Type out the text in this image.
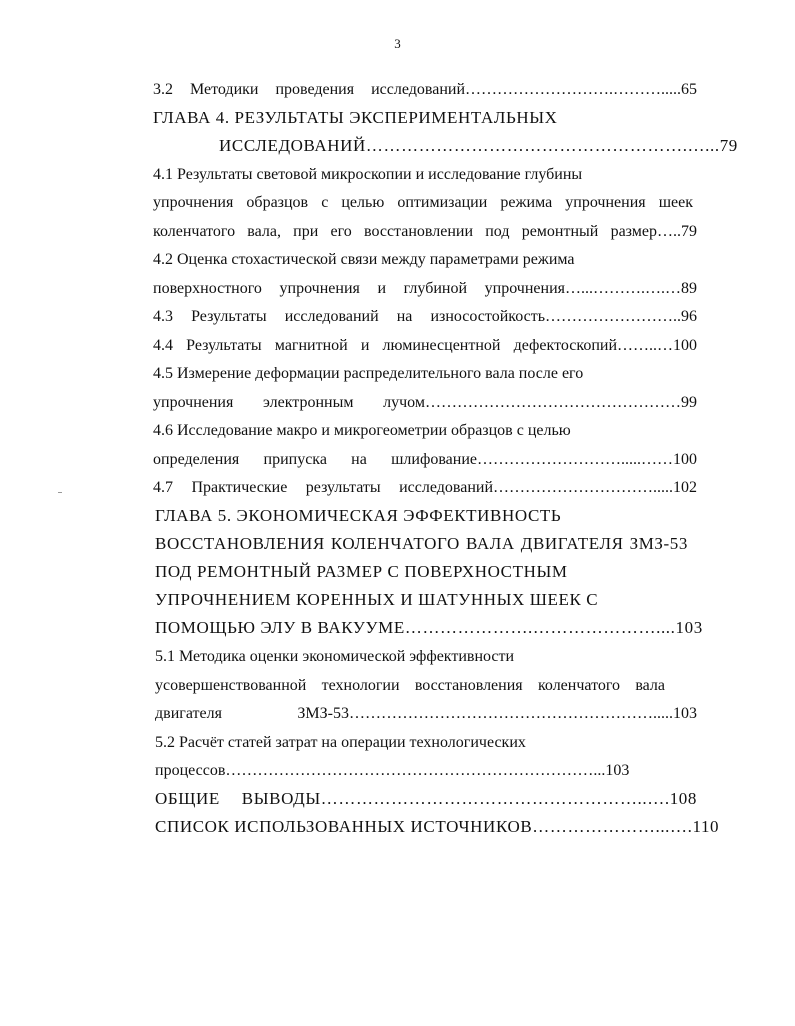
3
3.2 Методики проведения исследований……………………….……….....65
ГЛАВА 4. РЕЗУЛЬТАТЫ ЭКСПЕРИМЕНТАЛЬНЫХ
ИССЛЕДОВАНИЙ……………………………………………….…...79
4.1 Результаты световой микроскопии и исследование глубины
упрочнения образцов с целью оптимизации режима упрочнения шеек
коленчатого вала, при его восстановлении под ремонтный размер…..79
4.2 Оценка стохастической связи между параметрами режима
поверхностного упрочнения и глубиной упрочнения…...……….….…89
4.3 Результаты исследований на износостойкость……………………..96
4.4 Результаты магнитной и люминесцентной дефектоскопий……..…100
4.5 Измерение деформации распределительного вала после его
упрочнения электронным лучом…………………………………………99
4.6 Исследование макро и микрогеометрии образцов с целью
определения припуска на шлифование……………………….....……100
4.7 Практические результаты исследований………………………….....102
ГЛАВА 5. ЭКОНОМИЧЕСКАЯ ЭФФЕКТИВНОСТЬ
ВОССТАНОВЛЕНИЯ КОЛЕНЧАТОГО ВАЛА ДВИГАТЕЛЯ ЗМЗ-53
ПОД РЕМОНТНЫЙ РАЗМЕР С ПОВЕРХНОСТНЫМ
УПРОЧНЕНИЕМ КОРЕННЫХ И ШАТУННЫХ ШЕЕК С
ПОМОЩЬЮ ЭЛУ В ВАКУУМЕ………………….…………………....103
5.1 Методика оценки экономической эффективности
усовершенствованной технологии восстановления коленчатого вала
двигателя ЗМЗ-53………………………………………………….....103
5.2 Расчёт статей затрат на операции технологических
процессов……………………………………………………………...103
ОБЩИЕ ВЫВОДЫ………………………………………………..….108
СПИСОК ИСПОЛЬЗОВАННЫХ ИСТОЧНИКОВ…………………...….110
